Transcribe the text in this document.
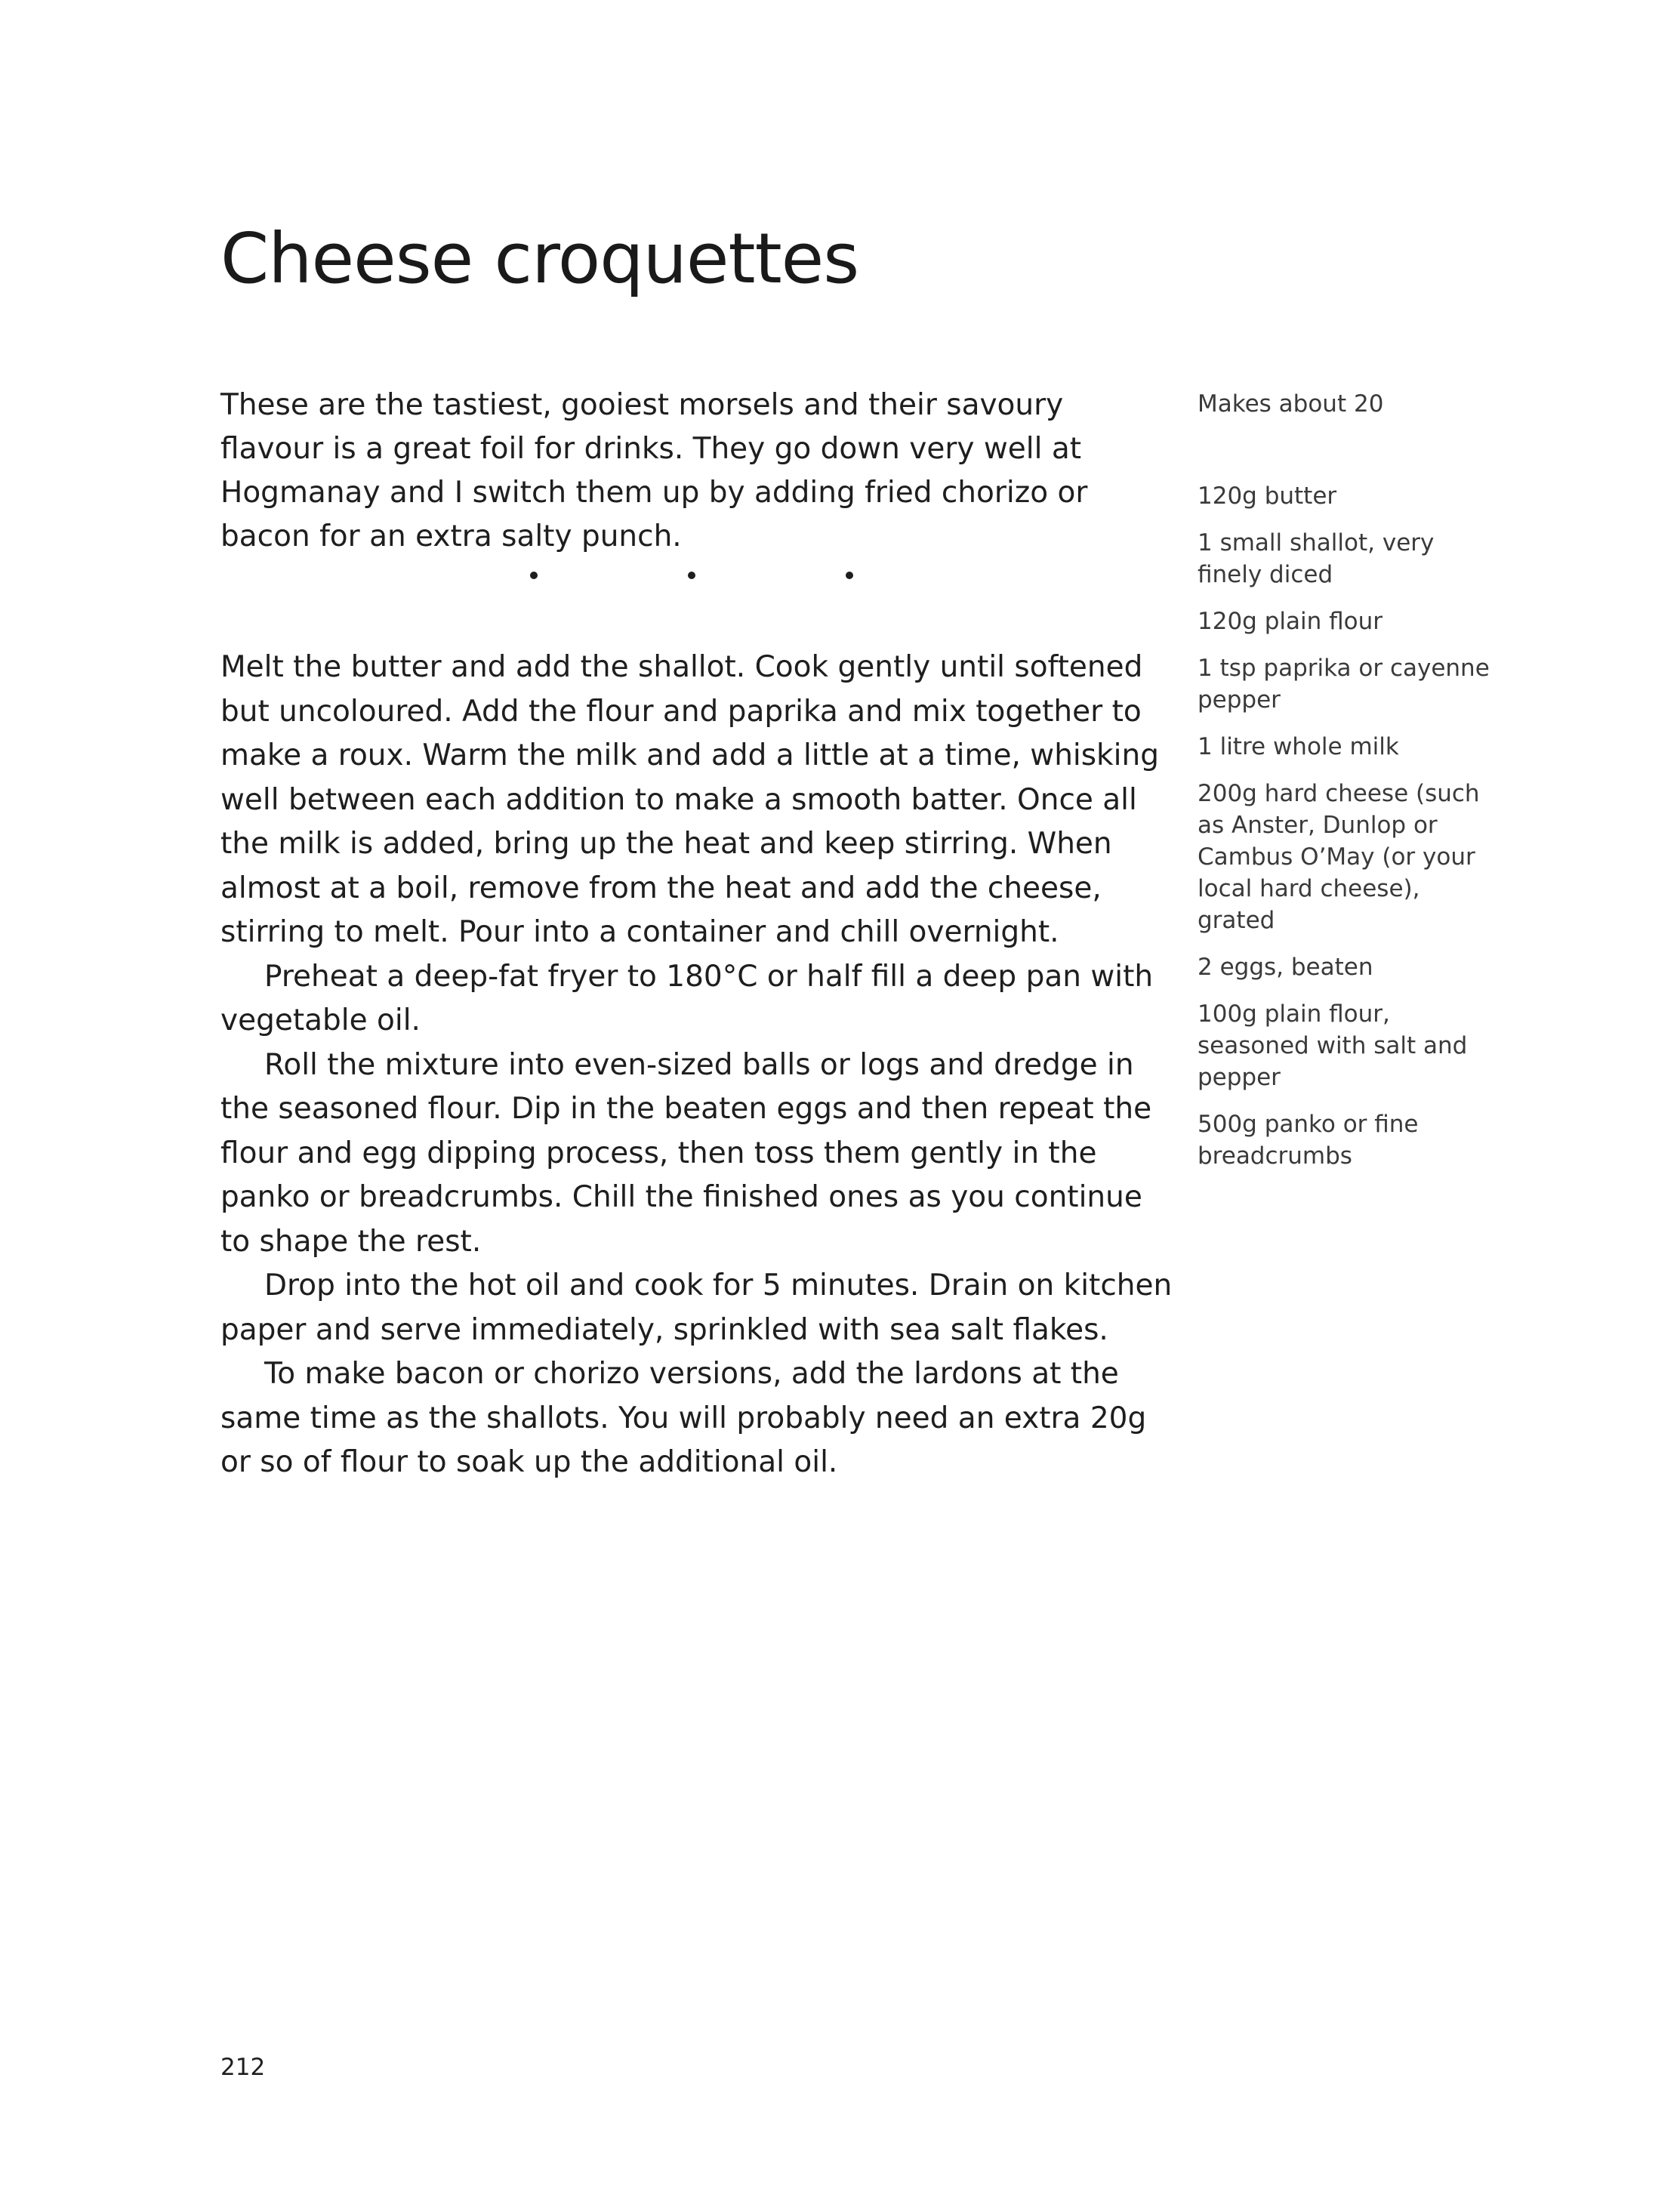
Cheese croquettes

These are the tastiest, gooiest morsels and their savoury flavour is a great foil for drinks. They go down very well at Hogmanay and I switch them up by adding fried chorizo or bacon for an extra salty punch.

Melt the butter and add the shallot. Cook gently until softened but uncoloured. Add the flour and paprika and mix together to make a roux. Warm the milk and add a little at a time, whisking well between each addition to make a smooth batter. Once all the milk is added, bring up the heat and keep stirring. When almost at a boil, remove from the heat and add the cheese, stirring to melt. Pour into a container and chill overnight.

Preheat a deep-fat fryer to 180°C or half fill a deep pan with vegetable oil.

Roll the mixture into even-sized balls or logs and dredge in the seasoned flour. Dip in the beaten eggs and then repeat the flour and egg dipping process, then toss them gently in the panko or breadcrumbs. Chill the finished ones as you continue to shape the rest.

Drop into the hot oil and cook for 5 minutes. Drain on kitchen paper and serve immediately, sprinkled with sea salt flakes.

To make bacon or chorizo versions, add the lardons at the same time as the shallots. You will probably need an extra 20g or so of flour to soak up the additional oil.

Makes about 20

120g butter
1 small shallot, very finely diced
120g plain flour
1 tsp paprika or cayenne pepper
1 litre whole milk
200g hard cheese (such as Anster, Dunlop or Cambus O’May (or your local hard cheese), grated
2 eggs, beaten
100g plain flour, seasoned with salt and pepper
500g panko or fine breadcrumbs
212
